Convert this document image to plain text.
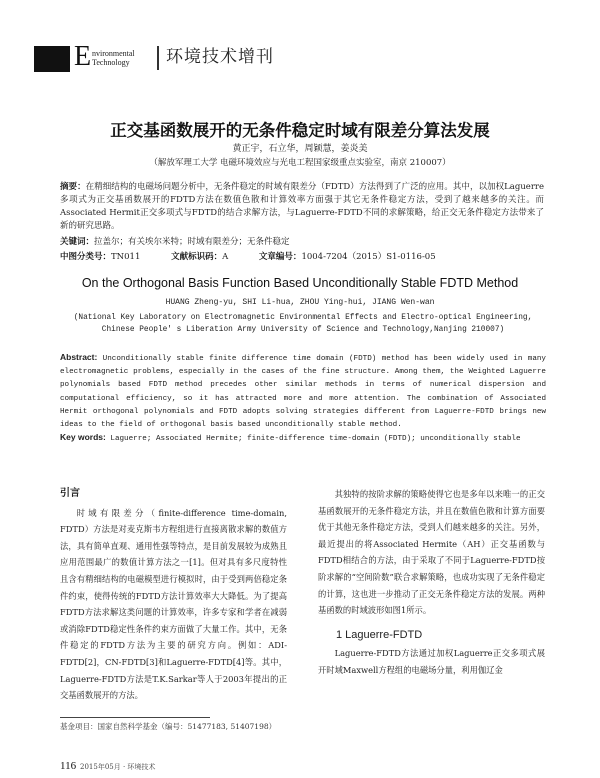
E nvironmental
Technology 环境技术增刊
正交基函数展开的无条件稳定时域有限差分算法发展
黄正宇，石立华，周颖慧，姜炎美
（解放军理工大学 电磁环境效应与光电工程国家级重点实验室，南京 210007）
摘要：在精细结构的电磁场问题分析中，无条件稳定的时域有限差分（FDTD）方法得到了广泛的应用。其中，以加权Laguerre多项式为正交基函数展开的FDTD方法在数值色散和计算效率方面强于其它无条件稳定方法，受到了越来越多的关注。而Associated Hermit正交多项式与FDTD的结合求解方法，与Laguerre-FDTD不同的求解策略，给正交无条件稳定方法带来了新的研究思路。
关键词：拉盖尔；有关埃尔米特；时域有限差分；无条件稳定
中图分类号：TN011	文献标识码：A	文章编号：1004-7204（2015）S1-0116-05
On the Orthogonal Basis Function Based Unconditionally Stable FDTD Method
HUANG Zheng-yu, SHI Li-hua, ZHOU Ying-hui, JIANG Wen-wan
(National Key Laboratory on Electromagnetic Environmental Effects and Electro-optical Engineering, Chinese People' s Liberation Army University of Science and Technology,Nanjing 210007)
Abstract: Unconditionally stable finite difference time domain (FDTD) method has been widely used in many electromagnetic problems, especially in the cases of the fine structure. Among them, the Weighted Laguerre polynomials based FDTD method precedes other similar methods in terms of numerical dispersion and computational efficiency, so it has attracted more and more attention. The combination of Associated Hermit orthogonal polynomials and FDTD adopts solving strategies different from Laguerre-FDTD brings new ideas to the field of orthogonal basis based unconditionally stable method.
Key words: Laguerre; Associated Hermite; finite-difference time-domain (FDTD); unconditionally stable
引言

时域有限差分（finite-difference time-domain, FDTD）方法是对麦克斯韦方程组进行直接离散求解的数值方法，具有简单直观、通用性强等特点，是目前发展较为成熟且应用范围最广的数值计算方法之一[1]。但对具有多尺度特性且含有精细结构的电磁模型进行模拟时，由于受到两倍稳定条件约束，使得传统的FDTD方法计算效率大大降低。为了提高FDTD方法求解这类问题的计算效率，许多专家和学者在减弱或消除FDTD稳定性条件约束方面做了大量工作。其中，无条件稳定的FDTD方法为主要的研究方向。例如：ADI-FDTD[2]，CN-FDTD[3]和Laguerre-FDTD[4]等。其中，Laguerre-FDTD方法是T.K.Sarkar等人于2003年提出的正交基函数展开的方法。

其独特的按阶求解的策略使得它也是多年以来唯一的正交基函数展开的无条件稳定方法，并且在数值色散和计算方面要优于其他无条件稳定方法，受到人们越来越多的关注。另外，最近提出的将Associated Hermite（AH）正交基函数与FDTD相结合的方法，由于采取了不同于Laguerre-FDTD按阶求解的“空间阶数”联合求解策略，也成功实现了无条件稳定的计算，这也进一步推动了正交无条件稳定方法的发展。两种基函数的时域波形如图1所示。

1 Laguerre-FDTD

Laguerre-FDTD方法通过加权Laguerre正交多项式展开时域Maxwell方程组的电磁场分量，利用伽辽金

基金项目：国家自然科学基金（编号：51477183, 51407198）
116 2015年05月 · 环境技术
